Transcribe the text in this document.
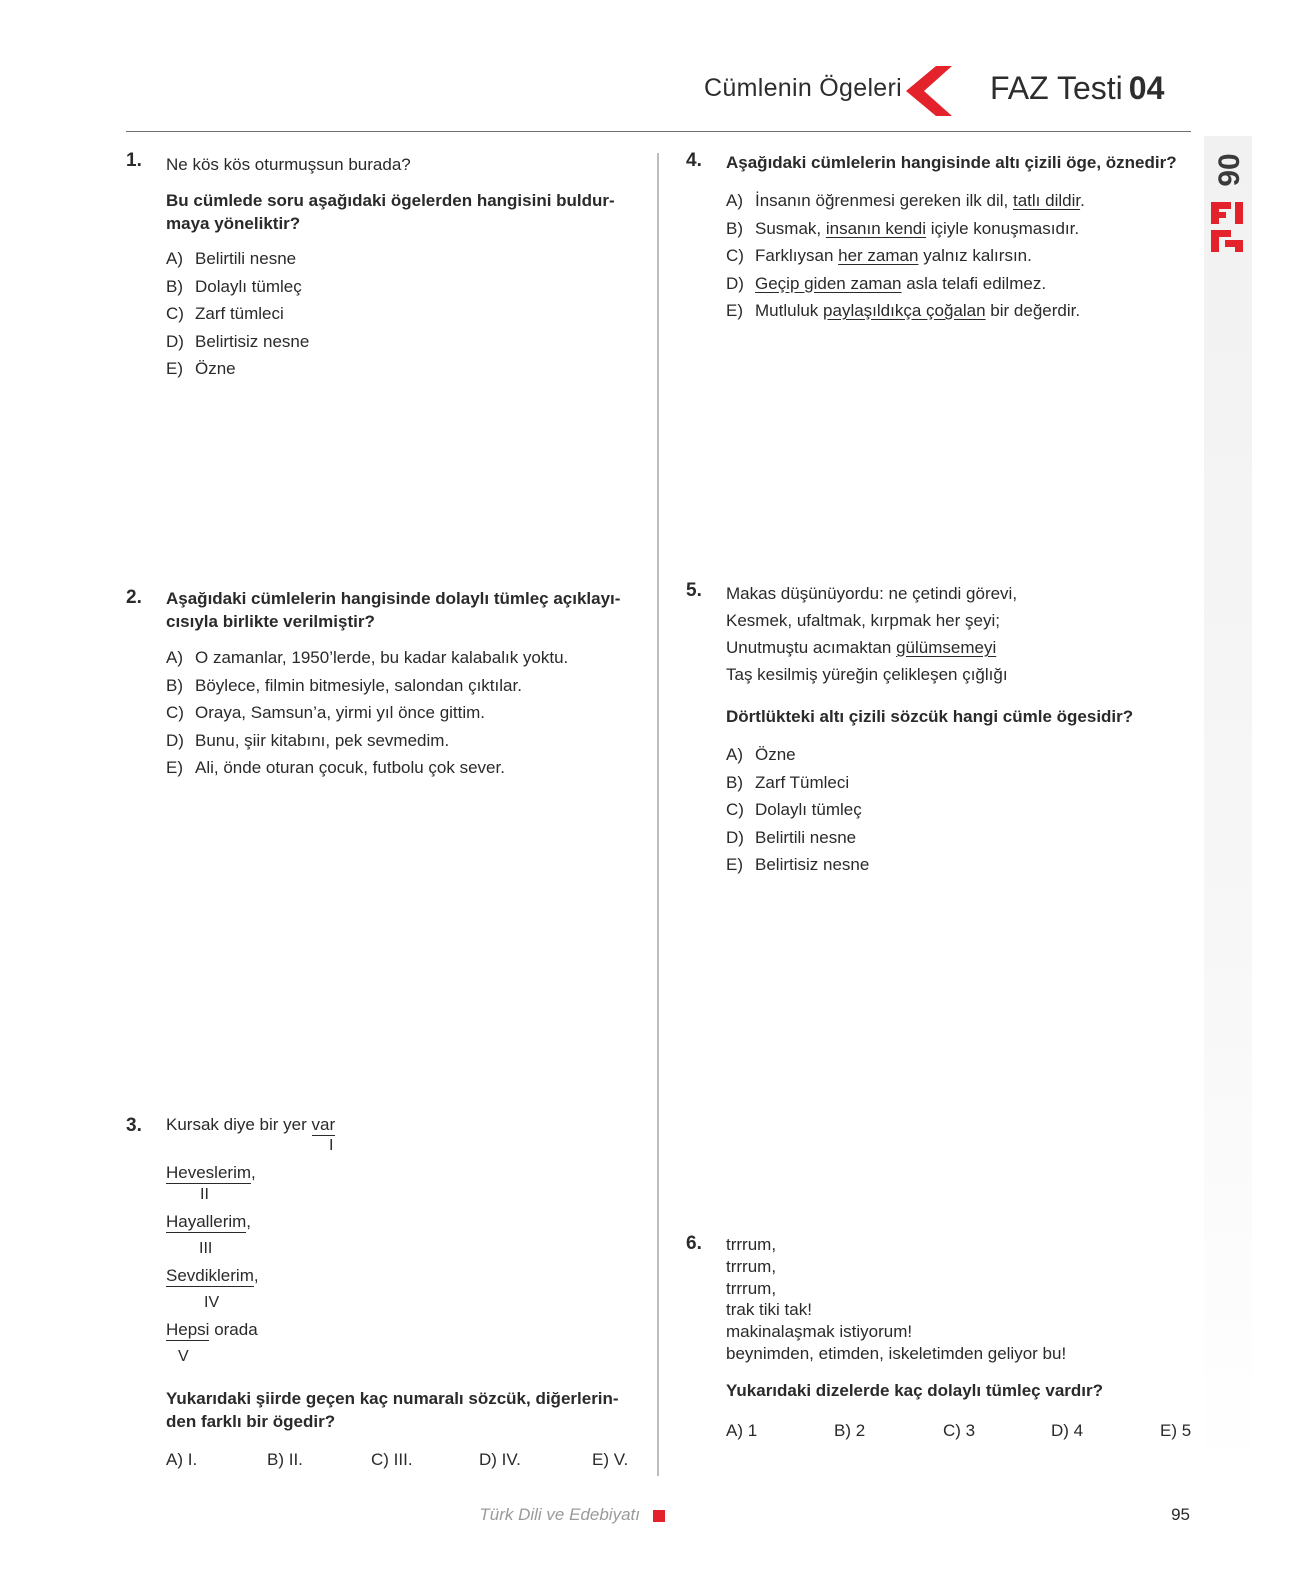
Cümlenin Ögeleri	FAZ Testi 04
06
1. Ne kös kös oturmuşsun burada?
Bu cümlede soru aşağıdaki ögelerden hangisini buldur-maya yöneliktir?
A) Belirtili nesne
B) Dolaylı tümleç
C) Zarf tümleci
D) Belirtisiz nesne
E) Özne
2. Aşağıdaki cümlelerin hangisinde dolaylı tümleç açıklayı-cısıyla birlikte verilmiştir?
A) O zamanlar, 1950’lerde, bu kadar kalabalık yoktu.
B) Böylece, filmin bitmesiyle, salondan çıktılar.
C) Oraya, Samsun’a, yirmi yıl önce gittim.
D) Bunu, şiir kitabını, pek sevmedim.
E) Ali, önde oturan çocuk, futbolu çok sever.
3. Kursak diye bir yer var
I
Heveslerim,
II
Hayallerim,
III
Sevdiklerim,
IV
Hepsi orada
V
Yukarıdaki şiirde geçen kaç numaralı sözcük, diğerlerin-den farklı bir ögedir?
A) I.	B) II.	C) III.	D) IV.	E) V.
4. Aşağıdaki cümlelerin hangisinde altı çizili öge, öznedir?
A) İnsanın öğrenmesi gereken ilk dil, tatlı dildir.
B) Susmak, insanın kendi içiyle konuşmasıdır.
C) Farklıysan her zaman yalnız kalırsın.
D) Geçip giden zaman asla telafi edilmez.
E) Mutluluk paylaşıldıkça çoğalan bir değerdir.
5. Makas düşünüyordu: ne çetindi görevi,
Kesmek, ufaltmak, kırpmak her şeyi;
Unutmuştu acımaktan gülümsemeyi
Taş kesilmiş yüreğin çelikleşen çığlığı
Dörtlükteki altı çizili sözcük hangi cümle ögesidir?
A) Özne
B) Zarf Tümleci
C) Dolaylı tümleç
D) Belirtili nesne
E) Belirtisiz nesne
6. trrrum,
trrrum,
trrrum,
trak tiki tak!
makinalaşmak istiyorum!
beynimden, etimden, iskeletimden geliyor bu!
Yukarıdaki dizelerde kaç dolaylı tümleç vardır?
A) 1	B) 2	C) 3	D) 4	E) 5
Türk Dili ve Edebiyatı	95
